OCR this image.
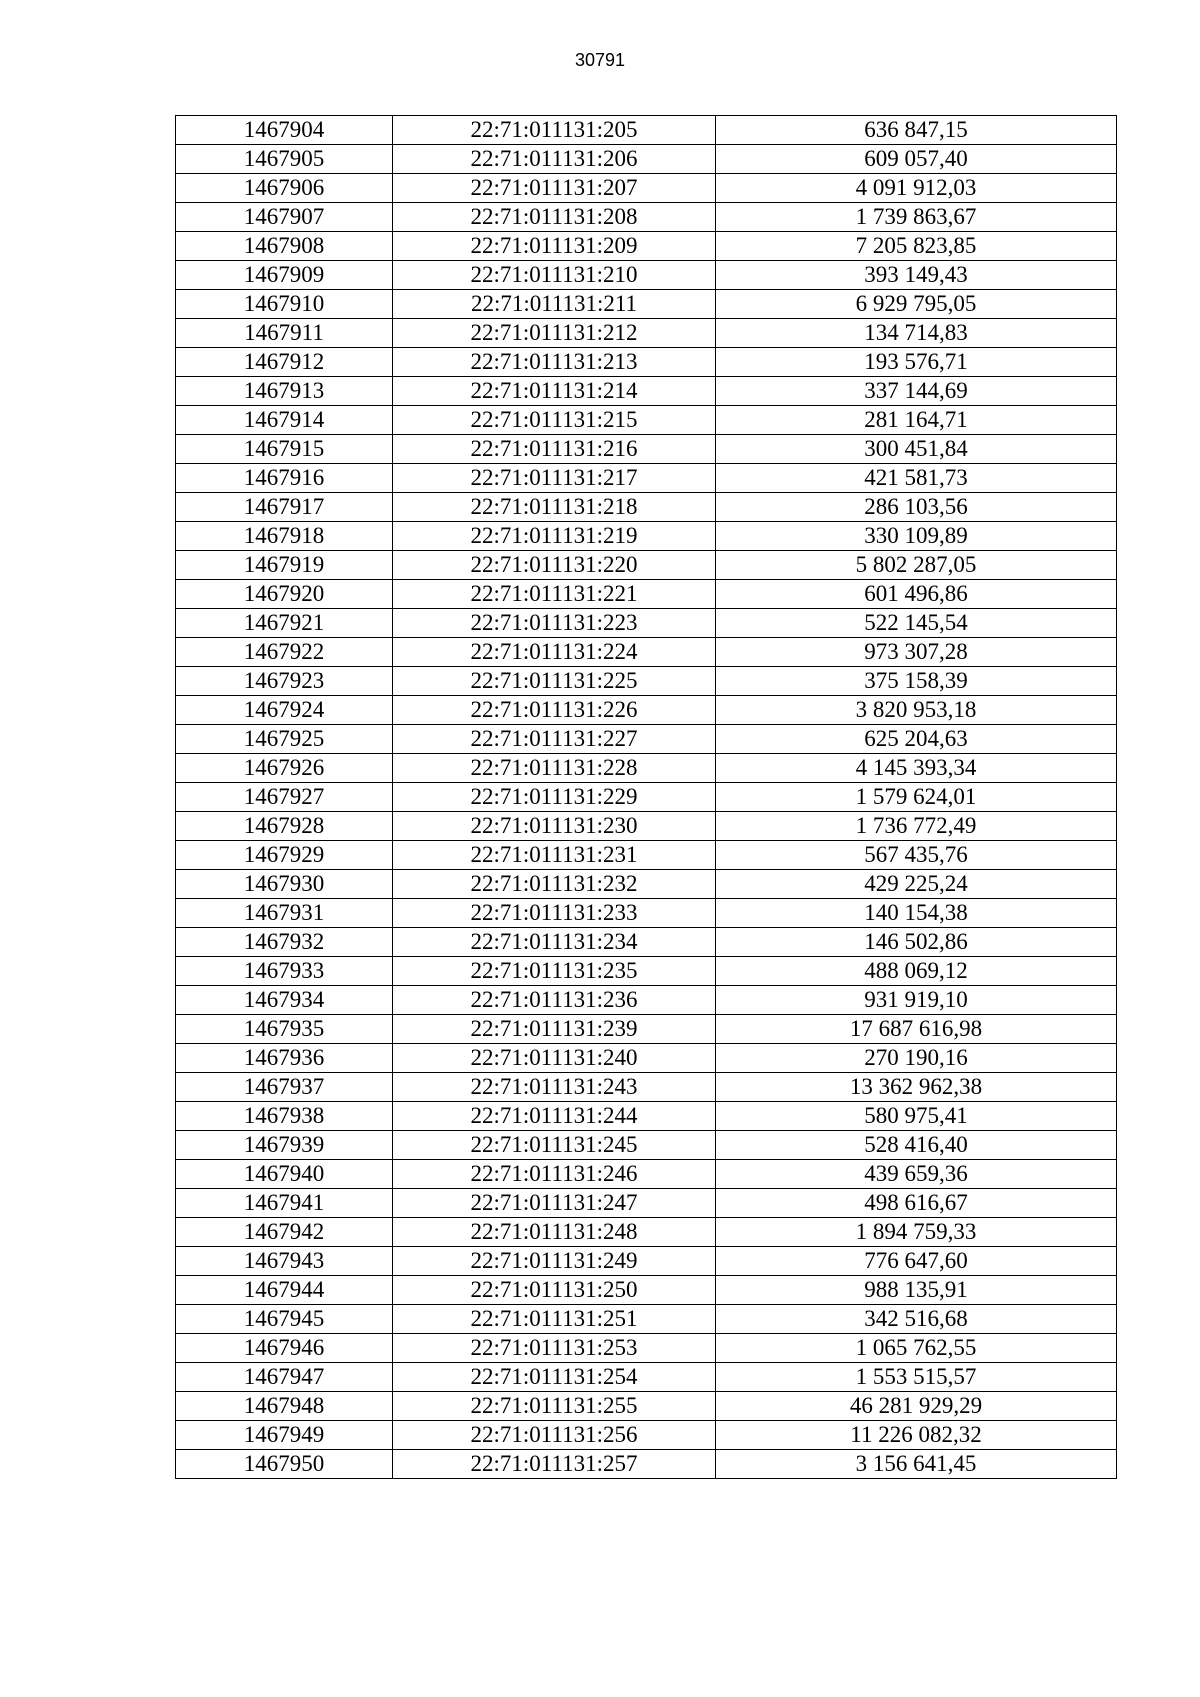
30791
1467904	22:71:011131:205	636 847,15
1467905	22:71:011131:206	609 057,40
1467906	22:71:011131:207	4 091 912,03
1467907	22:71:011131:208	1 739 863,67
1467908	22:71:011131:209	7 205 823,85
1467909	22:71:011131:210	393 149,43
1467910	22:71:011131:211	6 929 795,05
1467911	22:71:011131:212	134 714,83
1467912	22:71:011131:213	193 576,71
1467913	22:71:011131:214	337 144,69
1467914	22:71:011131:215	281 164,71
1467915	22:71:011131:216	300 451,84
1467916	22:71:011131:217	421 581,73
1467917	22:71:011131:218	286 103,56
1467918	22:71:011131:219	330 109,89
1467919	22:71:011131:220	5 802 287,05
1467920	22:71:011131:221	601 496,86
1467921	22:71:011131:223	522 145,54
1467922	22:71:011131:224	973 307,28
1467923	22:71:011131:225	375 158,39
1467924	22:71:011131:226	3 820 953,18
1467925	22:71:011131:227	625 204,63
1467926	22:71:011131:228	4 145 393,34
1467927	22:71:011131:229	1 579 624,01
1467928	22:71:011131:230	1 736 772,49
1467929	22:71:011131:231	567 435,76
1467930	22:71:011131:232	429 225,24
1467931	22:71:011131:233	140 154,38
1467932	22:71:011131:234	146 502,86
1467933	22:71:011131:235	488 069,12
1467934	22:71:011131:236	931 919,10
1467935	22:71:011131:239	17 687 616,98
1467936	22:71:011131:240	270 190,16
1467937	22:71:011131:243	13 362 962,38
1467938	22:71:011131:244	580 975,41
1467939	22:71:011131:245	528 416,40
1467940	22:71:011131:246	439 659,36
1467941	22:71:011131:247	498 616,67
1467942	22:71:011131:248	1 894 759,33
1467943	22:71:011131:249	776 647,60
1467944	22:71:011131:250	988 135,91
1467945	22:71:011131:251	342 516,68
1467946	22:71:011131:253	1 065 762,55
1467947	22:71:011131:254	1 553 515,57
1467948	22:71:011131:255	46 281 929,29
1467949	22:71:011131:256	11 226 082,32
1467950	22:71:011131:257	3 156 641,45
